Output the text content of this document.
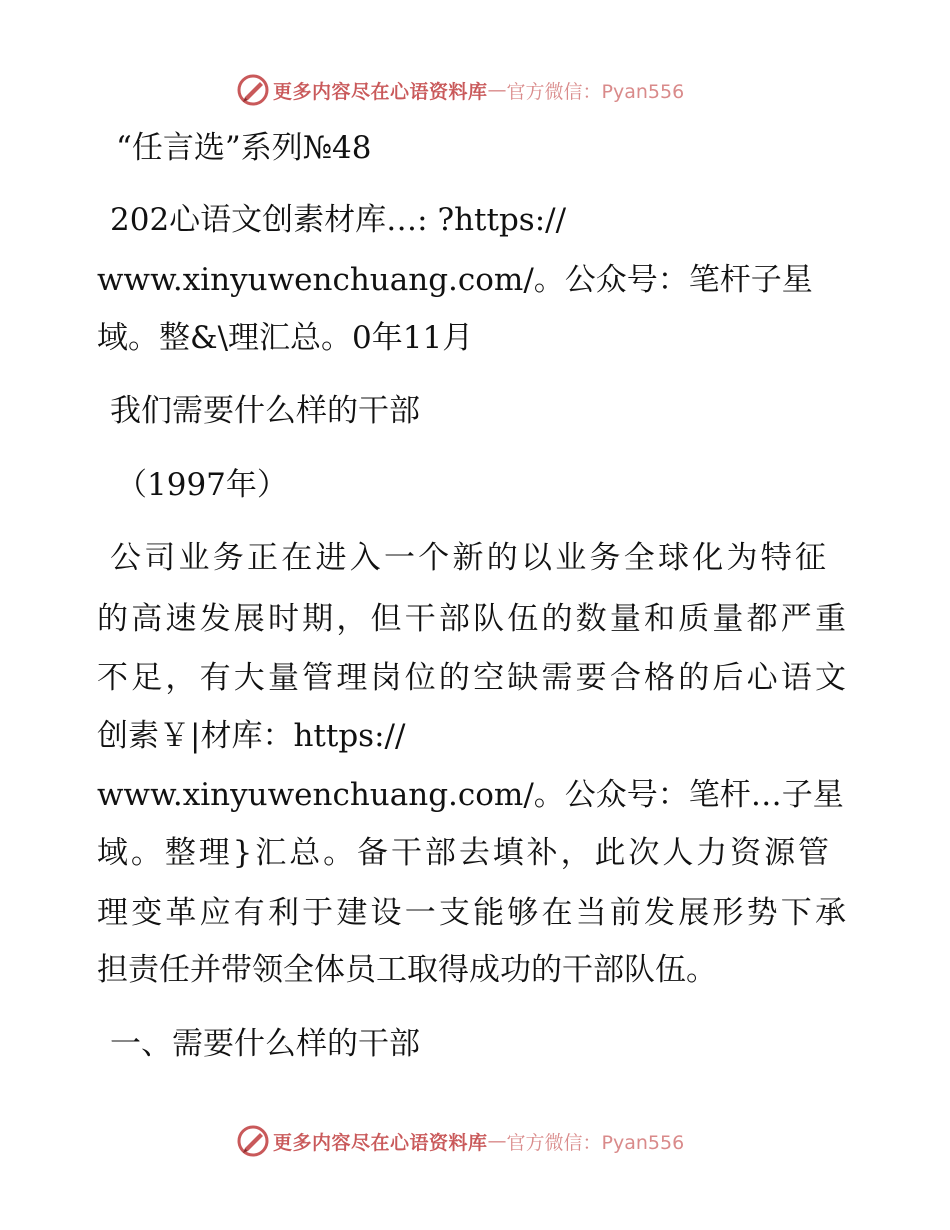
更多内容尽在心语资料库 — 官方微信：Pyan556

“任言选”系列№48

202心语文创素材库…: ?https://

www.xinyuwenchuang.com/。公众号：笔杆子星

域。整&\理汇总。0年11月

我们需要什么样的干部

（1997年）

公司业务正在进入一个新的以业务全球化为特征

的高速发展时期，但干部队伍的数量和质量都严重

不足，有大量管理岗位的空缺需要合格的后心语文

创素￥|材库：https://

www.xinyuwenchuang.com/。公众号：笔杆…子星

域。整理}汇总。备干部去填补，此次人力资源管

理变革应有利于建设一支能够在当前发展形势下承

担责任并带领全体员工取得成功的干部队伍。

一、需要什么样的干部

更多内容尽在心语资料库 — 官方微信：Pyan556
